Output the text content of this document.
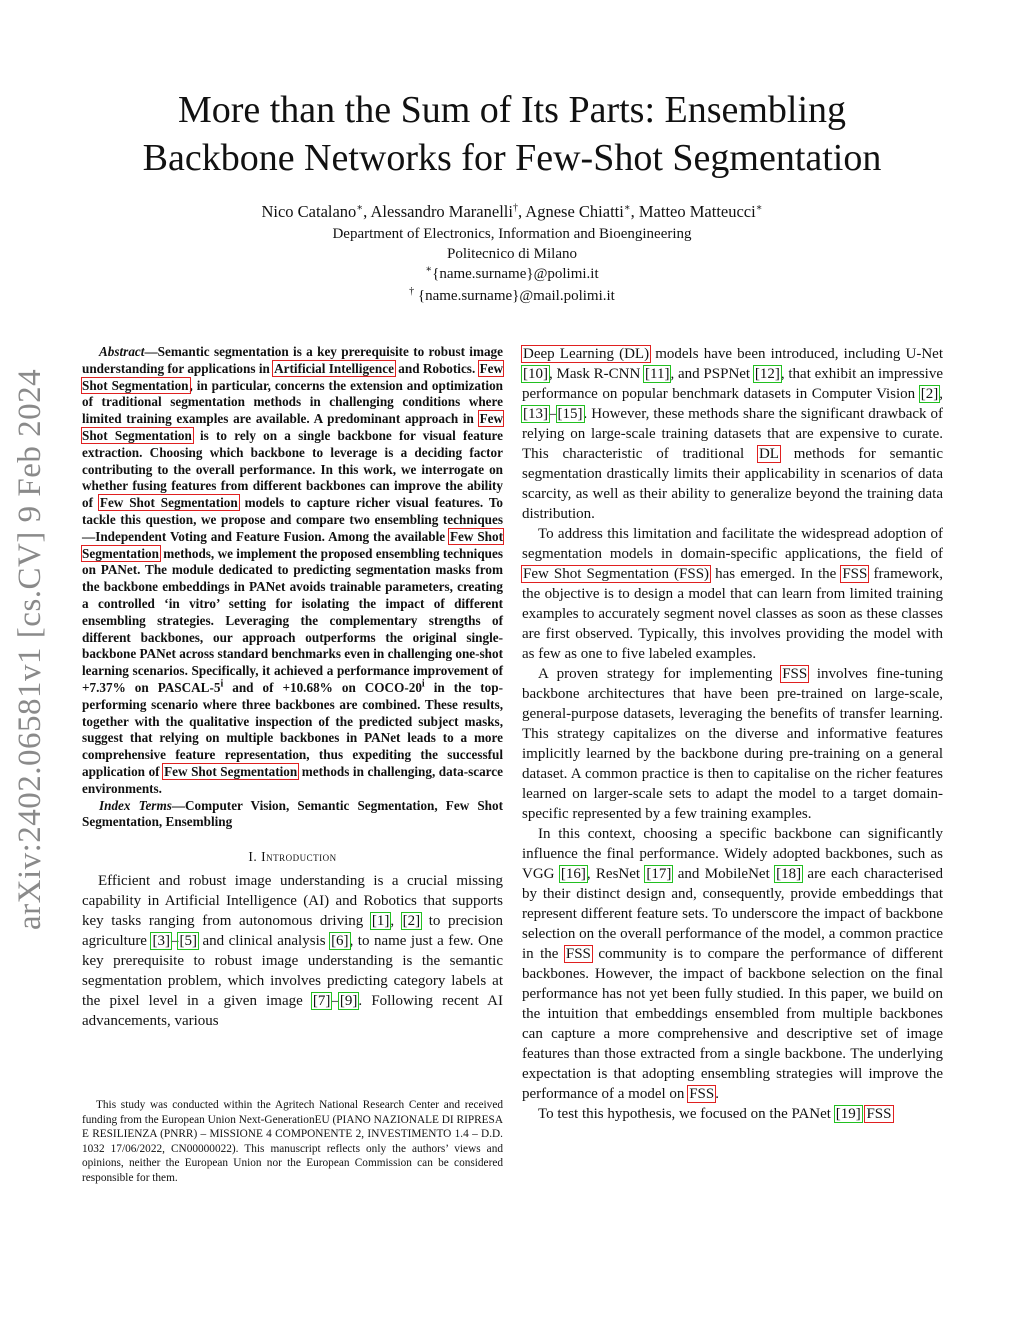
arXiv:2402.06581v1 [cs.CV] 9 Feb 2024
More than the Sum of Its Parts: Ensembling
Backbone Networks for Few-Shot Segmentation
Nico Catalano∗, Alessandro Maranelli†, Agnese Chiatti∗, Matteo Matteucci∗
Department of Electronics, Information and Bioengineering
Politecnico di Milano
∗{name.surname}@polimi.it
† {name.surname}@mail.polimi.it

Abstract—Semantic segmentation is a key prerequisite to robust image understanding for applications in Artificial Intelligence and Robotics. Few Shot Segmentation, in particular, concerns the extension and optimization of traditional segmentation methods in challenging conditions where limited training examples are available. A predominant approach in Few Shot Segmentation is to rely on a single backbone for visual feature extraction. Choosing which backbone to leverage is a deciding factor contributing to the overall performance. In this work, we interrogate on whether fusing features from different backbones can improve the ability of Few Shot Segmentation models to capture richer visual features. To tackle this question, we propose and compare two ensembling techniques—Independent Voting and Feature Fusion. Among the available Few Shot Segmentation methods, we implement the proposed ensembling techniques on PANet. The module dedicated to predicting segmentation masks from the backbone embeddings in PANet avoids trainable parameters, creating a controlled ‘in vitro’ setting for isolating the impact of different ensembling strategies. Leveraging the complementary strengths of different backbones, our approach outperforms the original single-backbone PANet across standard benchmarks even in challenging one-shot learning scenarios. Specifically, it achieved a performance improvement of +7.37% on PASCAL-5$^i$ and of +10.68% on COCO-20$^i$ in the top-performing scenario where three backbones are combined. These results, together with the qualitative inspection of the predicted subject masks, suggest that relying on multiple backbones in PANet leads to a more comprehensive feature representation, thus expediting the successful application of Few Shot Segmentation methods in challenging, data-scarce environments.

Index Terms—Computer Vision, Semantic Segmentation, Few Shot Segmentation, Ensembling

I. Introduction

Efficient and robust image understanding is a crucial missing capability in Artificial Intelligence (AI) and Robotics that supports key tasks ranging from autonomous driving [1], [2] to precision agriculture [3]–[5] and clinical analysis [6], to name just a few. One key prerequisite to robust image understanding is the semantic segmentation problem, which involves predicting category labels at the pixel level in a given image [7]–[9]. Following recent AI advancements, various

This study was conducted within the Agritech National Research Center and received funding from the European Union Next-GenerationEU (PIANO NAZIONALE DI RIPRESA E RESILIENZA (PNRR) – MISSIONE 4 COMPONENTE 2, INVESTIMENTO 1.4 – D.D. 1032 17/06/2022, CN00000022). This manuscript reflects only the authors’ views and opinions, neither the European Union nor the European Commission can be considered responsible for them.

Deep Learning (DL) models have been introduced, including U-Net [10], Mask R-CNN [11], and PSPNet [12], that exhibit an impressive performance on popular benchmark datasets in Computer Vision [2], [13]–[15]. However, these methods share the significant drawback of relying on large-scale training datasets that are expensive to curate. This characteristic of traditional DL methods for semantic segmentation drastically limits their applicability in scenarios of data scarcity, as well as their ability to generalize beyond the training data distribution.

To address this limitation and facilitate the widespread adoption of segmentation models in domain-specific applications, the field of Few Shot Segmentation (FSS) has emerged. In the FSS framework, the objective is to design a model that can learn from limited training examples to accurately segment novel classes as soon as these classes are first observed. Typically, this involves providing the model with as few as one to five labeled examples.

A proven strategy for implementing FSS involves fine-tuning backbone architectures that have been pre-trained on large-scale, general-purpose datasets, leveraging the benefits of transfer learning. This strategy capitalizes on the diverse and informative features implicitly learned by the backbone during pre-training on a general dataset. A common practice is then to capitalise on the richer features learned on larger-scale sets to adapt the model to a target domain-specific represented by a few training examples.

In this context, choosing a specific backbone can significantly influence the final performance. Widely adopted backbones, such as VGG [16], ResNet [17] and MobileNet [18] are each characterised by their distinct design and, consequently, provide embeddings that represent different feature sets. To underscore the impact of backbone selection on the overall performance of the model, a common practice in the FSS community is to compare the performance of different backbones. However, the impact of backbone selection on the final performance has not yet been fully studied. In this paper, we build on the intuition that embeddings ensembled from multiple backbones can capture a more comprehensive and descriptive set of image features than those extracted from a single backbone. The underlying expectation is that adopting ensembling strategies will improve the performance of a model on FSS.

To test this hypothesis, we focused on the PANet [19] FSS
